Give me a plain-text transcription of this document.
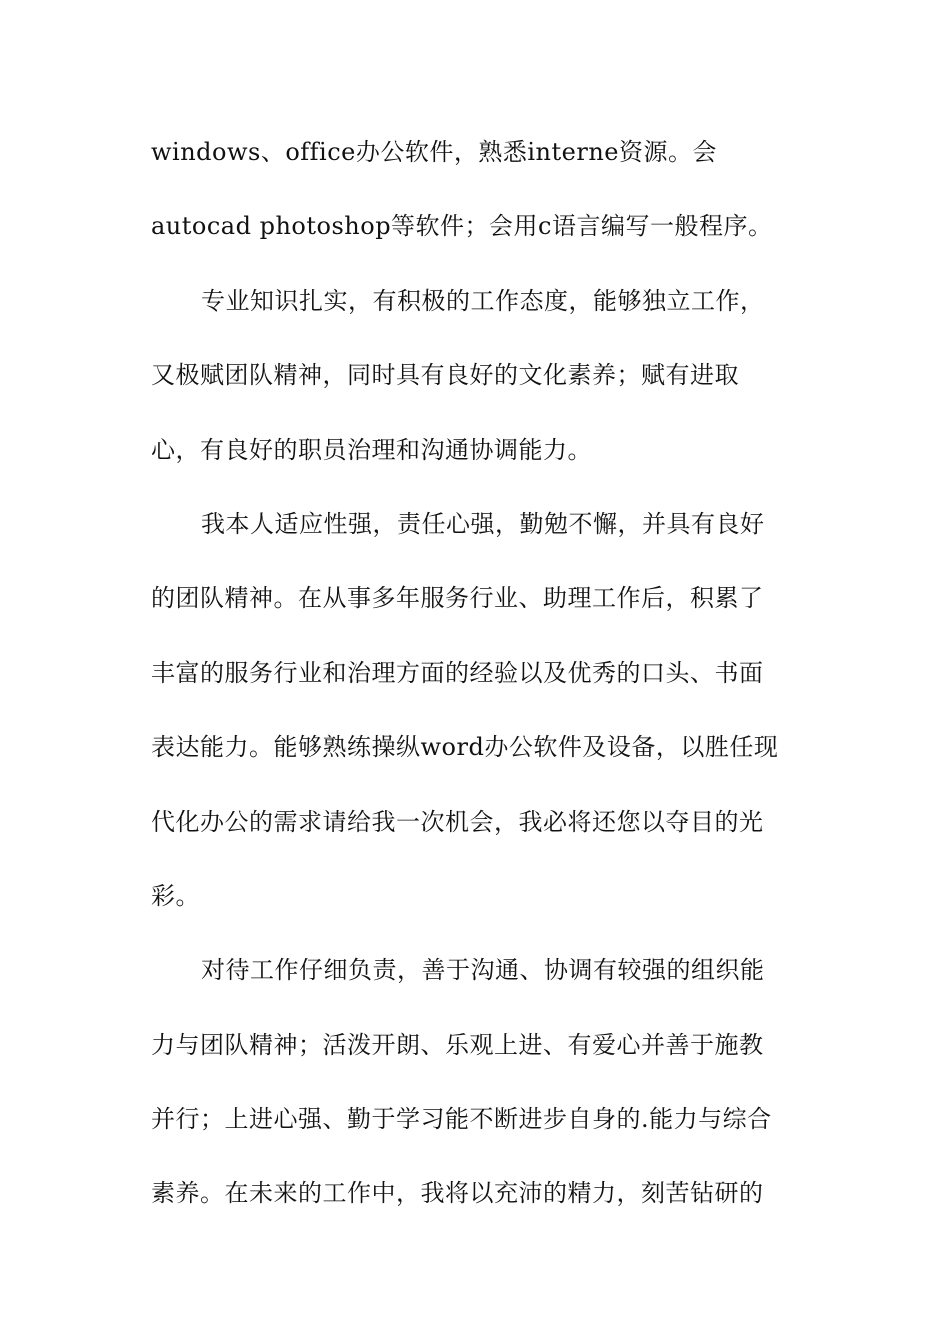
windows、office办公软件，熟悉interne资源。会
autocad photoshop等软件；会用c语言编写一般程序。
专业知识扎实，有积极的工作态度，能够独立工作，
又极赋团队精神，同时具有良好的文化素养；赋有进取
心，有良好的职员治理和沟通协调能力。
我本人适应性强，责任心强，勤勉不懈，并具有良好
的团队精神。在从事多年服务行业、助理工作后，积累了
丰富的服务行业和治理方面的经验以及优秀的口头、书面
表达能力。能够熟练操纵word办公软件及设备，以胜任现
代化办公的需求请给我一次机会，我必将还您以夺目的光
彩。
对待工作仔细负责，善于沟通、协调有较强的组织能
力与团队精神；活泼开朗、乐观上进、有爱心并善于施教
并行；上进心强、勤于学习能不断进步自身的.能力与综合
素养。在未来的工作中，我将以充沛的精力，刻苦钻研的
